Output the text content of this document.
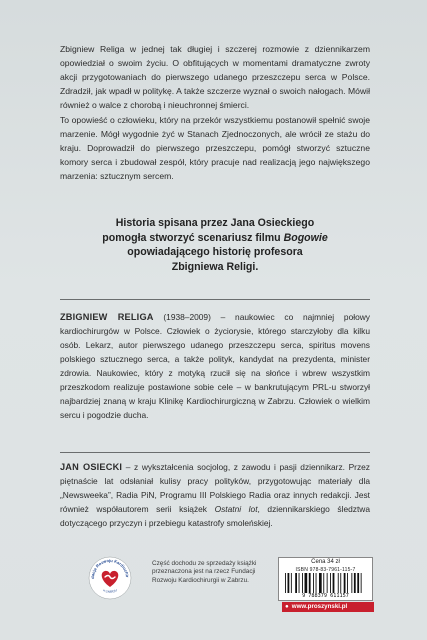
Zbigniew Religa w jednej tak długiej i szczerej rozmowie z dziennikarzem opowiedział o swoim życiu. O obfitujących w momentami dramatyczne zwroty akcji przygotowaniach do pierwszego udanego przeszczepu serca w Polsce. Zdradził, jak wpadł w politykę. A także szczerze wyznał o swoich nałogach. Mówił również o walce z chorobą i nieuchronnej śmierci.

To opowieść o człowieku, który na przekór wszystkiemu postanowił spełnić swoje marzenie. Mógł wygodnie żyć w Stanach Zjednoczonych, ale wrócił ze stażu do kraju. Doprowadził do pierwszego przeszczepu, pomógł stworzyć sztuczne komory serca i zbudował zespół, który pracuje nad realizacją jego największego marzenia: sztucznym sercem.

Historia spisana przez Jana Osieckiego
pomogła stworzyć scenariusz filmu Bogowie
opowiadającego historię profesora
Zbigniewa Religi.
ZBIGNIEW RELIGA (1938–2009) – naukowiec co najmniej połowy kardiochirurgów w Polsce. Człowiek o życiorysie, którego starczyłoby dla kilku osób. Lekarz, autor pierwszego udanego przeszczepu serca, spiritus movens polskiego sztucznego serca, a także polityk, kandydat na prezydenta, minister zdrowia. Naukowiec, który z motyką rzucił się na słońce i wbrew wszystkim przeszkodom realizuje postawione sobie cele – w bankrutującym PRL-u stworzył najbardziej znaną w kraju Klinikę Kardiochirurgiczną w Zabrzu. Człowiek o wielkim sercu i pogodzie ducha.
JAN OSIECKI – z wykształcenia socjolog, z zawodu i pasji dziennikarz. Przez piętnaście lat odsłaniał kulisy pracy polityków, przygotowując materiały dla „Newsweeka”, Radia PiN, Programu III Polskiego Radia oraz innych redakcji. Jest również współautorem serii książek Ostatni lot, dziennikarskiego śledztwa dotyczącego przyczyn i przebiegu katastrofy smoleńskiej.
dacja Rozwoju Kardiochir
w ZABRZU
Część dochodu ze sprzedaży książki przeznaczona jest na rzecz Fundacji Rozwoju Kardiochirurgii w Zabrzu.
Cena 34 zł
ISBN 978-83-7961-115-7
9 788379 611157
● www.proszynski.pl
